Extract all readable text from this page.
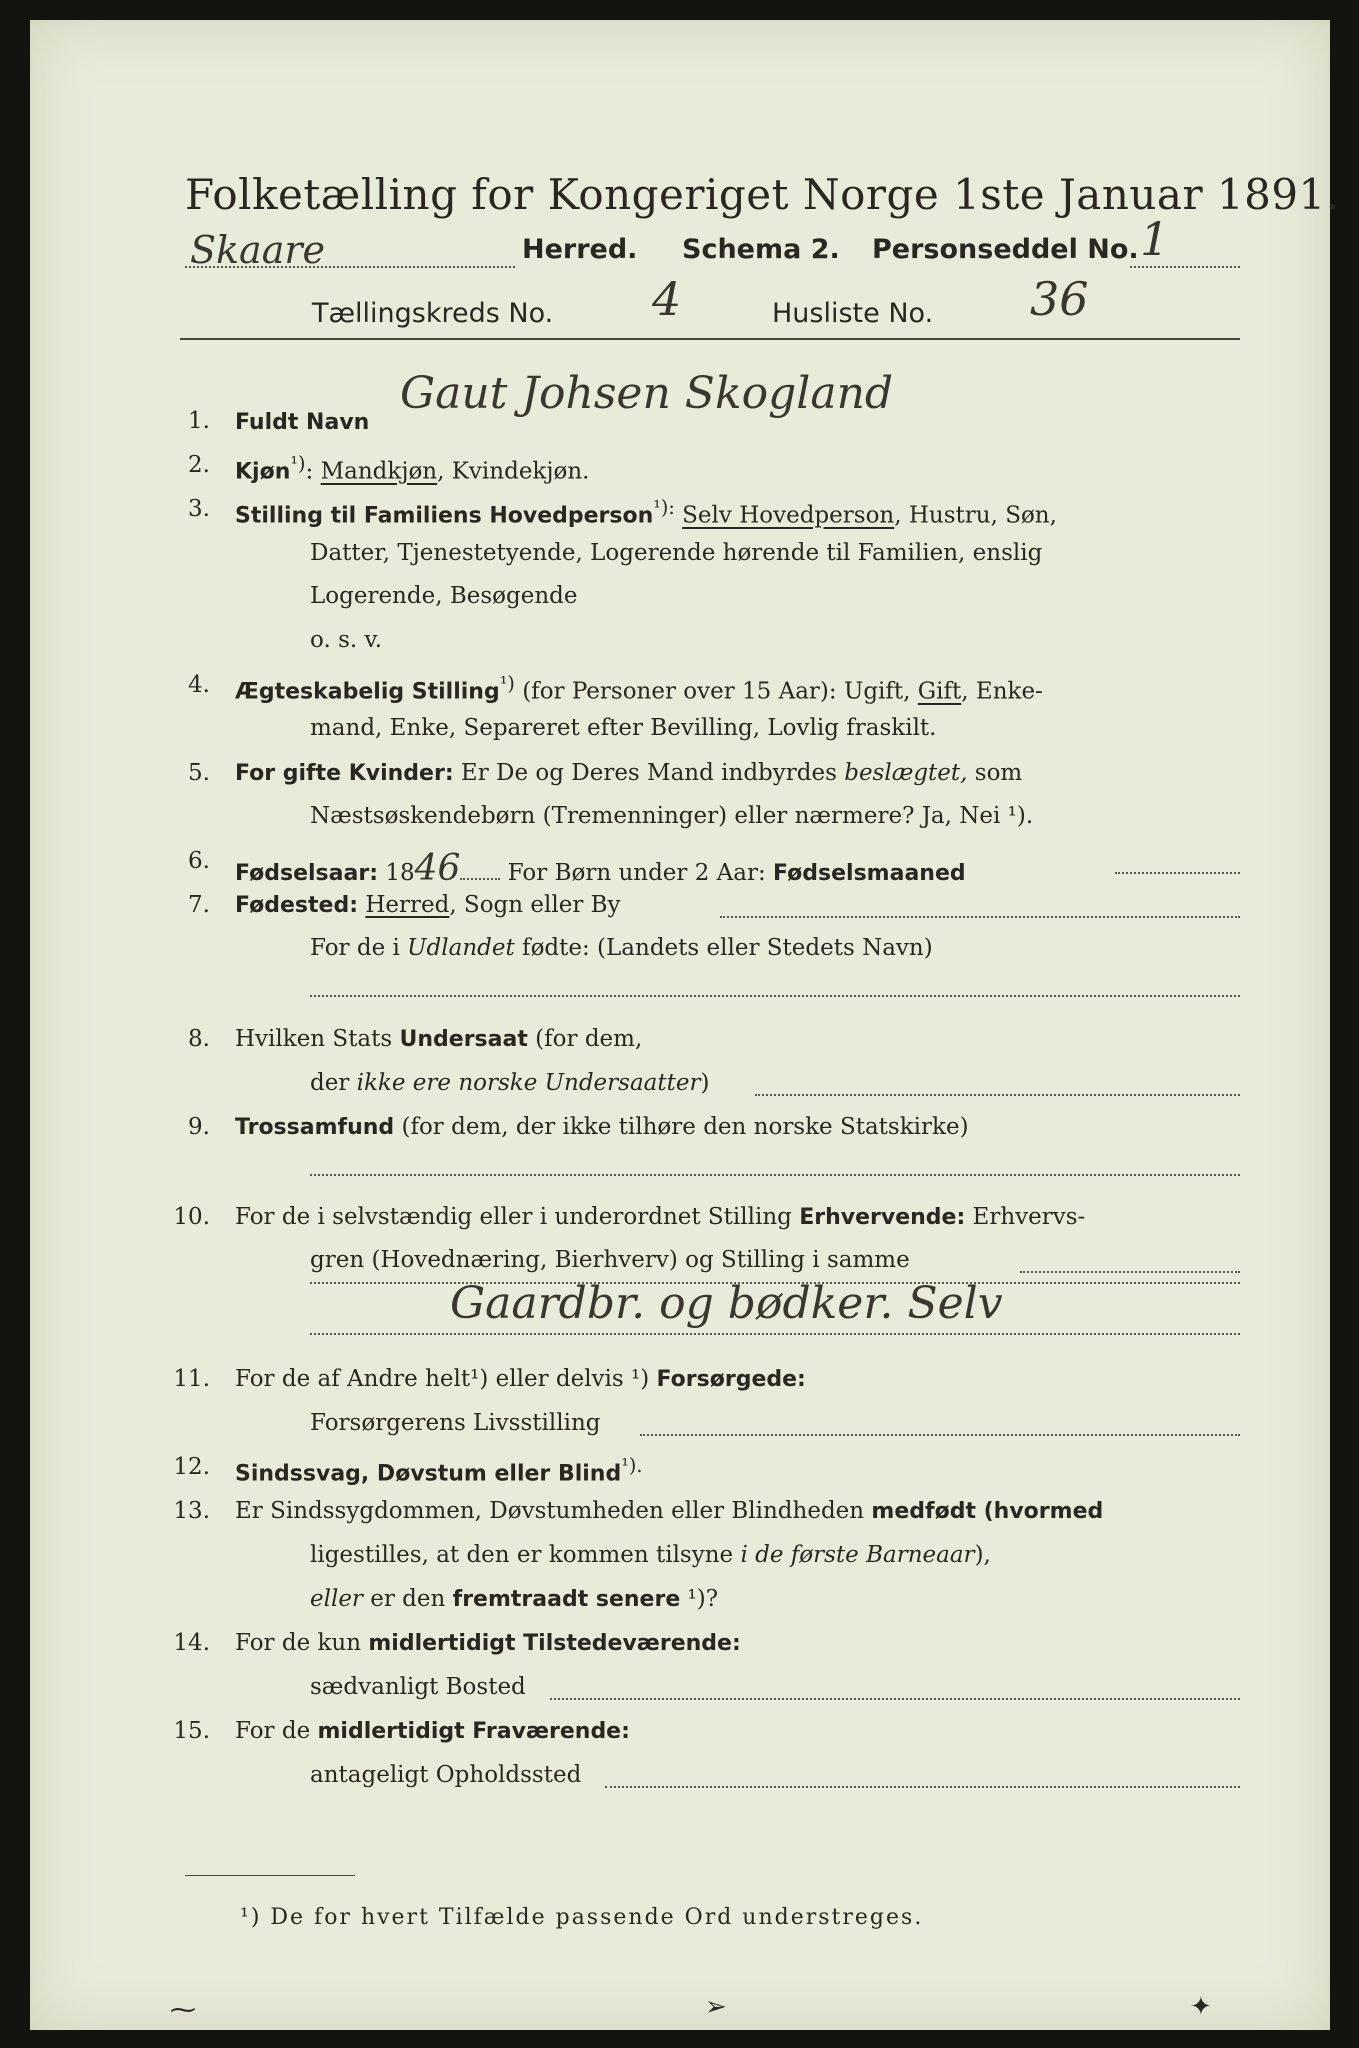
Folketælling for Kongeriget Norge 1ste Januar 1891.
Skaare	Herred. Schema 2. Personseddel No. 1
Tællingskreds No. 4	Husliste No. 36
1. Fuldt Navn
Gaut Johsen Skogland
2. Kjøn$^{^1)}$: Mandkjøn, Kvindekjøn.
3. Stilling til Familiens Hovedperson$^{^1):}$ Selv Hovedperson, Hustru, Søn,
Datter, Tjenestetyende, Logerende hørende til Familien, enslig
Logerende, Besøgende
o. s. v.
4. Ægteskabelig Stilling$^{^1)}$ (for Personer over 15 Aar): Ugift, Gift, Enke-
mand, Enke, Separeret efter Bevilling, Lovlig fraskilt.
5. For gifte Kvinder: Er De og Deres Mand indbyrdes beslægtet, som
Næstsøskendebørn (Tremenninger) eller nærmere? Ja, Nei ¹).
6. Fødselsaar: 1846 For Børn under 2 Aar: Fødselsmaaned
7. Fødested: Herred, Sogn eller By
For de i Udlandet fødte: (Landets eller Stedets Navn)
8. Hvilken Stats Undersaat (for dem,
der ikke ere norske Undersaatter)
9. Trossamfund (for dem, der ikke tilhøre den norske Statskirke)
10. For de i selvstændig eller i underordnet Stilling Erhvervende: Erhvervs-
gren (Hovednæring, Bierhverv) og Stilling i samme
Gaardbr. og bødker. Selv
11. For de af Andre helt¹) eller delvis ¹) Forsørgede:
Forsørgerens Livsstilling
12. Sindssvag, Døvstum eller Blind$^{^1).}$
13. Er Sindssygdommen, Døvstumheden eller Blindheden medfødt (hvormed
ligestilles, at den er kommen tilsyne i de første Barneaar),
eller er den fremtraadt senere ¹)?
14. For de kun midlertidigt Tilstedeværende:
sædvanligt Bosted
15. For de midlertidigt Fraværende:
antageligt Opholdssted
¹) De for hvert Tilfælde passende Ord understreges.
⁓	➢	✦
